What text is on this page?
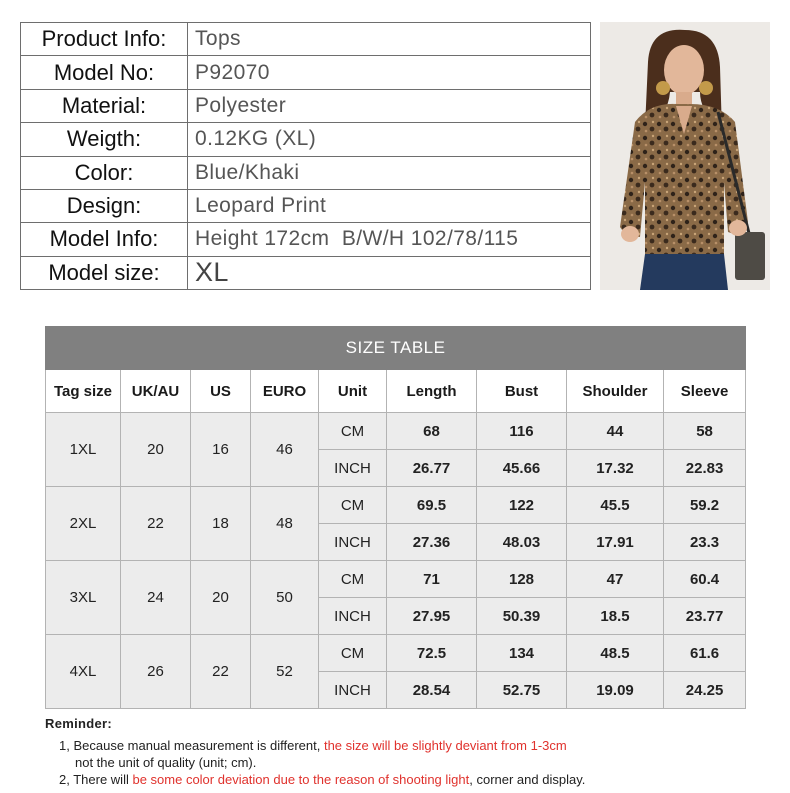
Product Info:	Tops
Model No:	P92070
Material:	Polyester
Weigth:	0.12KG (XL)
Color:	Blue/Khaki
Design:	Leopard Print
Model Info:	Height 172cm  B/W/H 102/78/115
Model size:	XL
SIZE TABLE								
Tag size	UK/AU	US	EURO	Unit	Length	Bust	Shoulder	Sleeve
1XL	20	16	46	CM	68	116	44	58
				INCH	26.77	45.66	17.32	22.83
2XL	22	18	48	CM	69.5	122	45.5	59.2
				INCH	27.36	48.03	17.91	23.3
3XL	24	20	50	CM	71	128	47	60.4
				INCH	27.95	50.39	18.5	23.77
4XL	26	22	52	CM	72.5	134	48.5	61.6
				INCH	28.54	52.75	19.09	24.25
Reminder:
1, Because manual measurement is different, the size will be slightly deviant from 1-3cm
not the unit of quality (unit; cm).
2, There will be some color deviation due to the reason of shooting light, corner and display.
